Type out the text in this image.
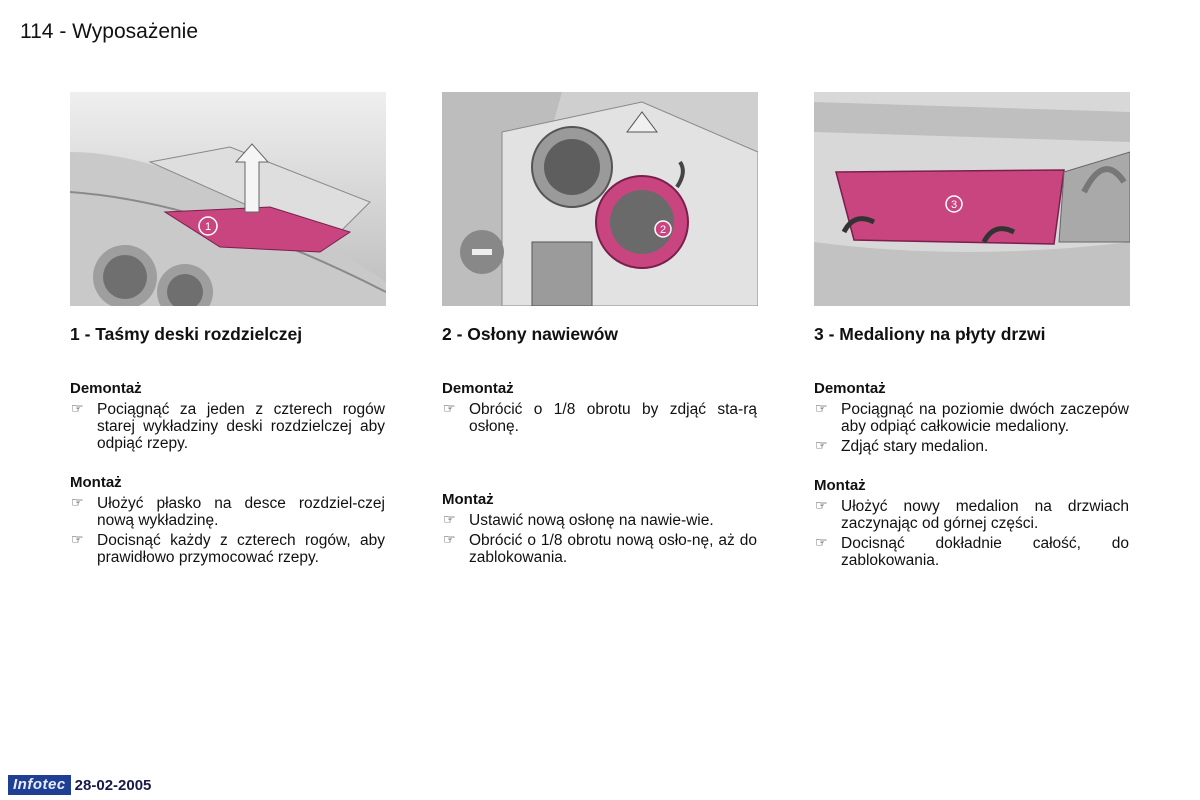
114 - Wyposażenie
1
1 - Taśmy deski rozdzielczej
Demontaż
☞ Pociągnąć za jeden z czterech rogów starej wykładziny deski rozdzielczej aby odpiąć rzepy.
Montaż
☞ Ułożyć płasko na desce rozdziel-czej nową wykładzinę.
☞ Docisnąć każdy z czterech rogów, aby prawidłowo przymocować rzepy.
2
2 - Osłony nawiewów
Demontaż
☞ Obrócić o 1/8 obrotu by zdjąć sta-rą osłonę.
Montaż
☞ Ustawić nową osłonę na nawie-wie.
☞ Obrócić o 1/8 obrotu nową osło-nę, aż do zablokowania.
3
3 - Medaliony na płyty drzwi
Demontaż
☞ Pociągnąć na poziomie dwóch zaczepów aby odpiąć całkowicie medaliony.
☞ Zdjąć stary medalion.
Montaż
☞ Ułożyć nowy medalion na drzwiach zaczynając od górnej części.
☞ Docisnąć dokładnie całość, do zablokowania.
Infotec 28-02-2005
